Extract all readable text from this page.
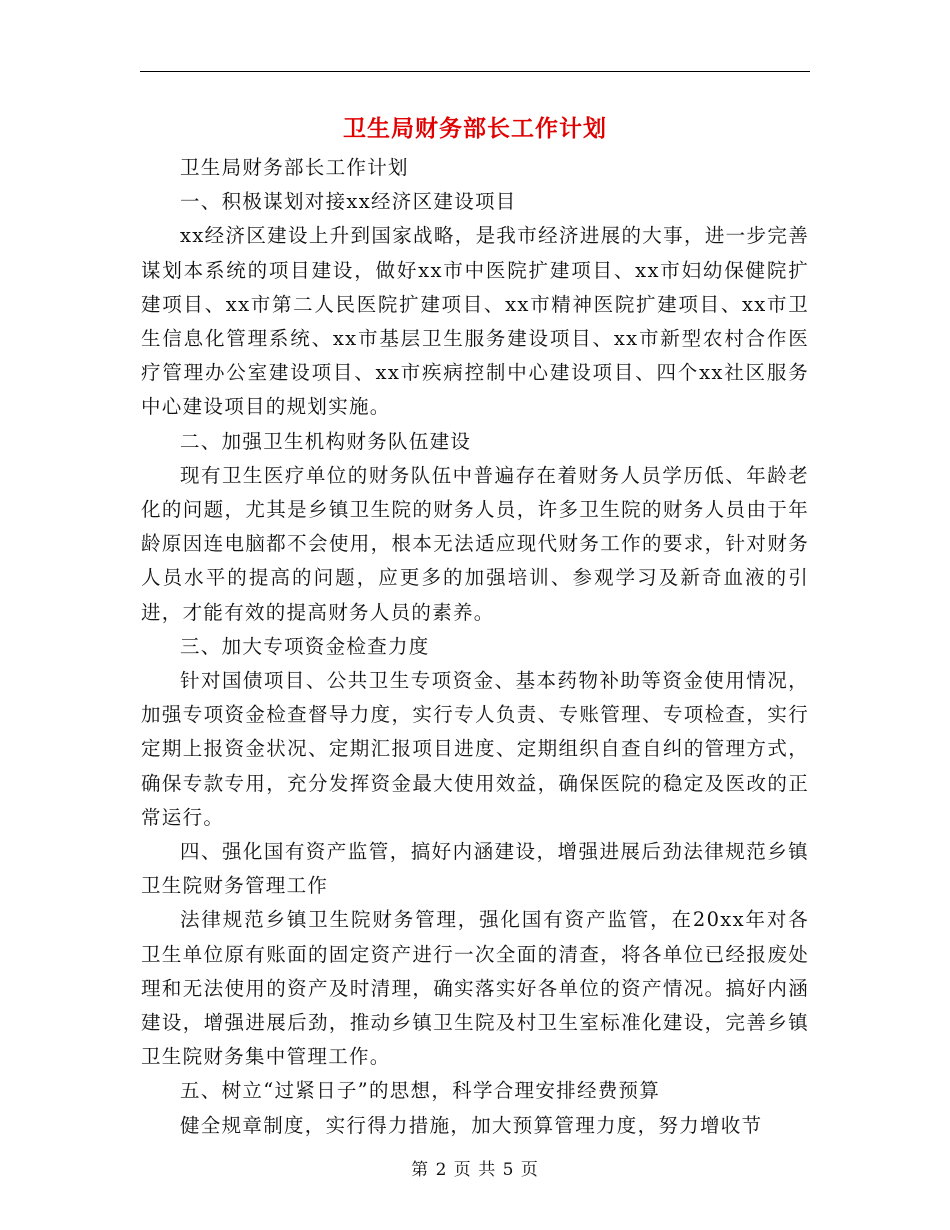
卫生局财务部长工作计划

卫生局财务部长工作计划

一、积极谋划对接xx经济区建设项目

xx经济区建设上升到国家战略，是我市经济进展的大事，进一步完善谋划本系统的项目建设，做好xx市中医院扩建项目、xx市妇幼保健院扩建项目、xx市第二人民医院扩建项目、xx市精神医院扩建项目、xx市卫生信息化管理系统、xx市基层卫生服务建设项目、xx市新型农村合作医疗管理办公室建设项目、xx市疾病控制中心建设项目、四个xx社区服务中心建设项目的规划实施。

二、加强卫生机构财务队伍建设

现有卫生医疗单位的财务队伍中普遍存在着财务人员学历低、年龄老化的问题，尤其是乡镇卫生院的财务人员，许多卫生院的财务人员由于年龄原因连电脑都不会使用，根本无法适应现代财务工作的要求，针对财务人员水平的提高的问题，应更多的加强培训、参观学习及新奇血液的引进，才能有效的提高财务人员的素养。

三、加大专项资金检查力度

针对国债项目、公共卫生专项资金、基本药物补助等资金使用情况，加强专项资金检查督导力度，实行专人负责、专账管理、专项检查，实行定期上报资金状况、定期汇报项目进度、定期组织自查自纠的管理方式，确保专款专用，充分发挥资金最大使用效益，确保医院的稳定及医改的正常运行。

四、强化国有资产监管，搞好内涵建设，增强进展后劲法律规范乡镇卫生院财务管理工作

法律规范乡镇卫生院财务管理，强化国有资产监管，在20xx年对各卫生单位原有账面的固定资产进行一次全面的清查，将各单位已经报废处理和无法使用的资产及时清理，确实落实好各单位的资产情况。搞好内涵建设，增强进展后劲，推动乡镇卫生院及村卫生室标准化建设，完善乡镇卫生院财务集中管理工作。

五、树立“过紧日子”的思想，科学合理安排经费预算

健全规章制度，实行得力措施，加大预算管理力度，努力增收节

第 2 页 共 5 页
